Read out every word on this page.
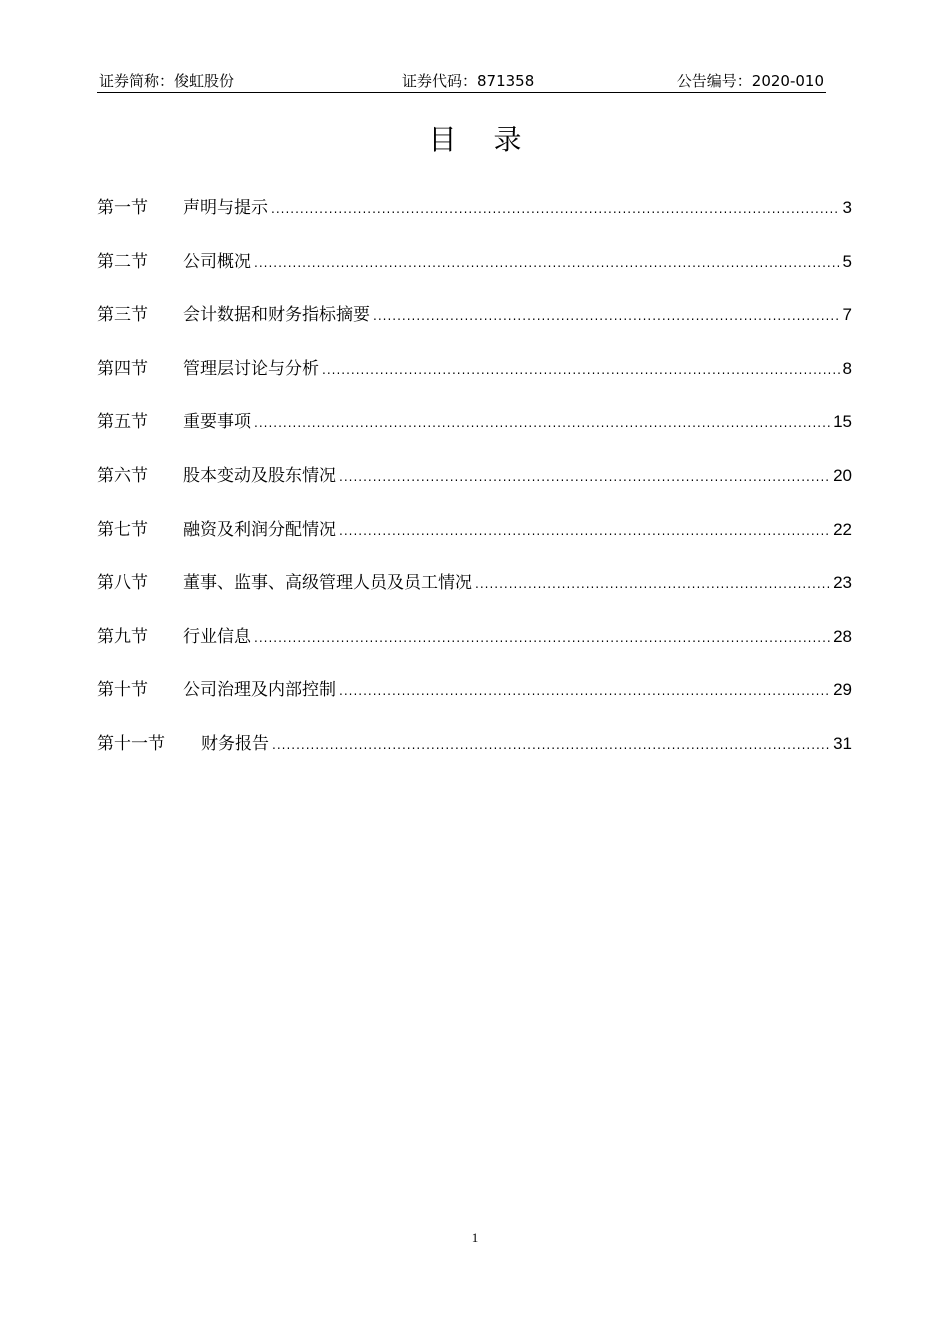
证券简称：俊虹股份	证券代码：871358	公告编号：2020-010
目 录
第一节	声明与提示 .....	3
第二节	公司概况 .....	5
第三节	会计数据和财务指标摘要 .....	7
第四节	管理层讨论与分析 .....	8
第五节	重要事项 .....	15
第六节	股本变动及股东情况 .....	20
第七节	融资及利润分配情况 .....	22
第八节	董事、监事、高级管理人员及员工情况 .....	23
第九节	行业信息 .....	28
第十节	公司治理及内部控制 .....	29
第十一节	财务报告 .....	31
1
